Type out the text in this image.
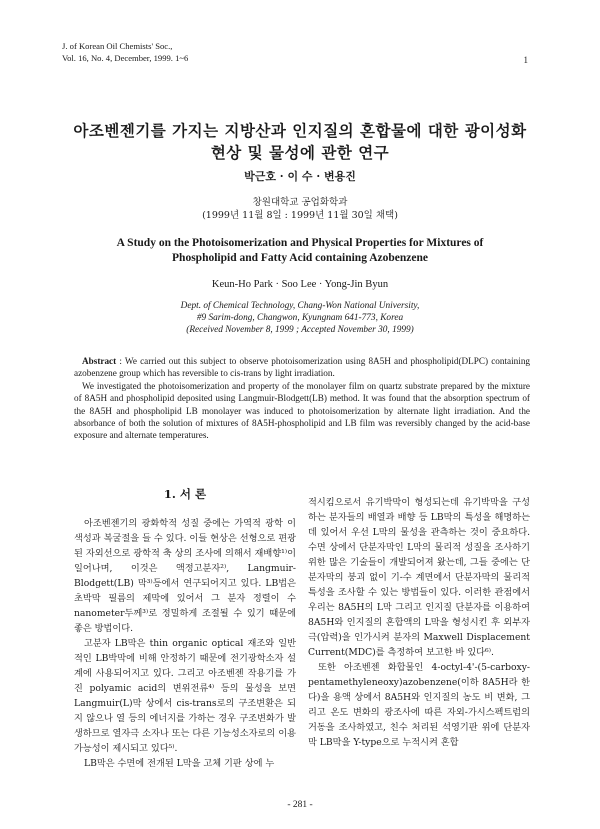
J. of Korean Oil Chemists' Soc.,
Vol. 16, No. 4, December, 1999. 1~6	1
아조벤젠기를 가지는 지방산과 인지질의 혼합물에 대한 광이성화
현상 및 물성에 관한 연구
박근호 · 이 수 · 변용진
창원대학교 공업화학과
(1999년 11월 8일 : 1999년 11월 30일 채택)
A Study on the Photoisomerization and Physical Properties for Mixtures of
Phospholipid and Fatty Acid containing Azobenzene
Keun-Ho Park · Soo Lee · Yong-Jin Byun
Dept. of Chemical Technology, Chang-Won National University,
#9 Sarim-dong, Changwon, Kyungnam 641-773, Korea
(Received November 8, 1999 ; Accepted November 30, 1999)

Abstract : We carried out this subject to observe photoisomerization using 8A5H and phospholipid(DLPC) containing azobenzene group which has reversible to cis-trans by light irradiation.

We investigated the photoisomerization and property of the monolayer film on quartz substrate prepared by the mixture of 8A5H and phospholipid deposited using Langmuir-Blodgett(LB) method. It was found that the absorption spectrum of the 8A5H and phospholipid LB monolayer was induced to photoisomerization by alternate light irradiation. And the absorbance of both the solution of mixtures of 8A5H-phospholipid and LB film was reversibly changed by the acid-base exposure and alternate temperatures.

1. 서 론

아조벤젠기의 광화학적 성질 중에는 가역적 광학 이색성과 복굴절을 들 수 있다. 이들 현상은 선형으로 편광된 자외선으로 광학적 축 상의 조사에 의해서 재배향¹⁾이 일어나며, 이것은 액정고분자²⁾, Langmuir-Blodgett(LB) 막³⁾등에서 연구되어지고 있다. LB법은 초박막 필름의 제막에 있어서 그 분자 정렬이 수 nanometer두께³⁾로 정밀하게 조절될 수 있기 때문에 좋은 방법이다.

고분자 LB막은 thin organic optical 재조와 일반적인 LB박막에 비해 안정하기 때문에 전기광학소자 설계에 사용되어지고 있다. 그리고 아조벤젠 작용기를 가진 polyamic acid의 변위전류⁴⁾ 등의 물성을 보면 Langmuir(L)막 상에서 cis-trans로의 구조변환은 되지 않으나 열 등의 에너지를 가하는 경우 구조변화가 발생하므로 열자극 소자나 또는 다른 기능성소자로의 이용 가능성이 제시되고 있다⁵⁾.

LB막은 수면에 전개된 L막을 고체 기판 상에 누

적시킴으로서 유기박막이 형성되는데 유기박막을 구성하는 분자들의 배열과 배향 등 LB막의 특성을 해명하는데 있어서 우선 L막의 물성을 관측하는 것이 중요하다. 수면 상에서 단분자막인 L막의 물리적 성질을 조사하기 위한 많은 기술들이 개발되어져 왔는데, 그들 중에는 단분자막의 붕괴 없이 기-수 계면에서 단분자막의 물리적 특성을 조사할 수 있는 방법들이 있다. 이러한 관점에서 우리는 8A5H의 L막 그리고 인지질 단분자를 이용하여 8A5H와 인지질의 혼합액의 L막을 형성시킨 후 외부자극(압력)을 인가시켜 분자의 Maxwell Displacement Current(MDC)를 측정하여 보고한 바 있다⁶⁾.

또한 아조벤젠 화합물인 4-octyl-4'-(5-carboxy-pentamethyleneoxy)azobenzene(이하 8A5H라 한다)을 용액 상에서 8A5H와 인지질의 농도 비 변화, 그리고 온도 변화의 광조사에 따른 자외-가시스펙트럼의 거동을 조사하였고, 친수 처리된 석영기판 위에 단분자막 LB막을 Y-type으로 누적시켜 혼합

- 281 -
